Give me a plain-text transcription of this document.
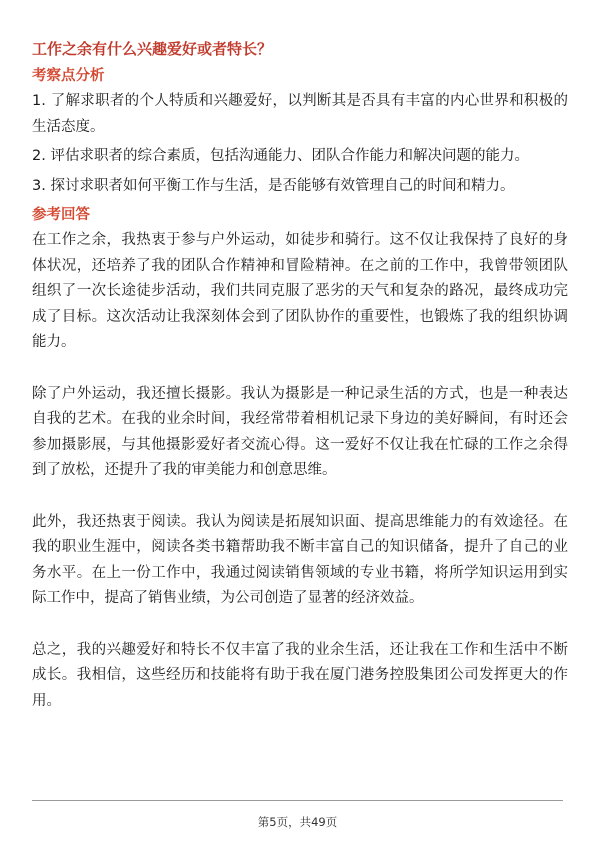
工作之余有什么兴趣爱好或者特长？
考察点分析
1. 了解求职者的个人特质和兴趣爱好，以判断其是否具有丰富的内心世界和积极的生活态度。
2. 评估求职者的综合素质，包括沟通能力、团队合作能力和解决问题的能力。
3. 探讨求职者如何平衡工作与生活，是否能够有效管理自己的时间和精力。
参考回答

在工作之余，我热衷于参与户外运动，如徒步和骑行。这不仅让我保持了良好的身体状况，还培养了我的团队合作精神和冒险精神。在之前的工作中，我曾带领团队组织了一次长途徒步活动，我们共同克服了恶劣的天气和复杂的路况，最终成功完成了目标。这次活动让我深刻体会到了团队协作的重要性，也锻炼了我的组织协调能力。

除了户外运动，我还擅长摄影。我认为摄影是一种记录生活的方式，也是一种表达自我的艺术。在我的业余时间，我经常带着相机记录下身边的美好瞬间，有时还会参加摄影展，与其他摄影爱好者交流心得。这一爱好不仅让我在忙碌的工作之余得到了放松，还提升了我的审美能力和创意思维。

此外，我还热衷于阅读。我认为阅读是拓展知识面、提高思维能力的有效途径。在我的职业生涯中，阅读各类书籍帮助我不断丰富自己的知识储备，提升了自己的业务水平。在上一份工作中，我通过阅读销售领域的专业书籍，将所学知识运用到实际工作中，提高了销售业绩，为公司创造了显著的经济效益。

总之，我的兴趣爱好和特长不仅丰富了我的业余生活，还让我在工作和生活中不断成长。我相信，这些经历和技能将有助于我在厦门港务控股集团公司发挥更大的作用。

第5页，共49页
